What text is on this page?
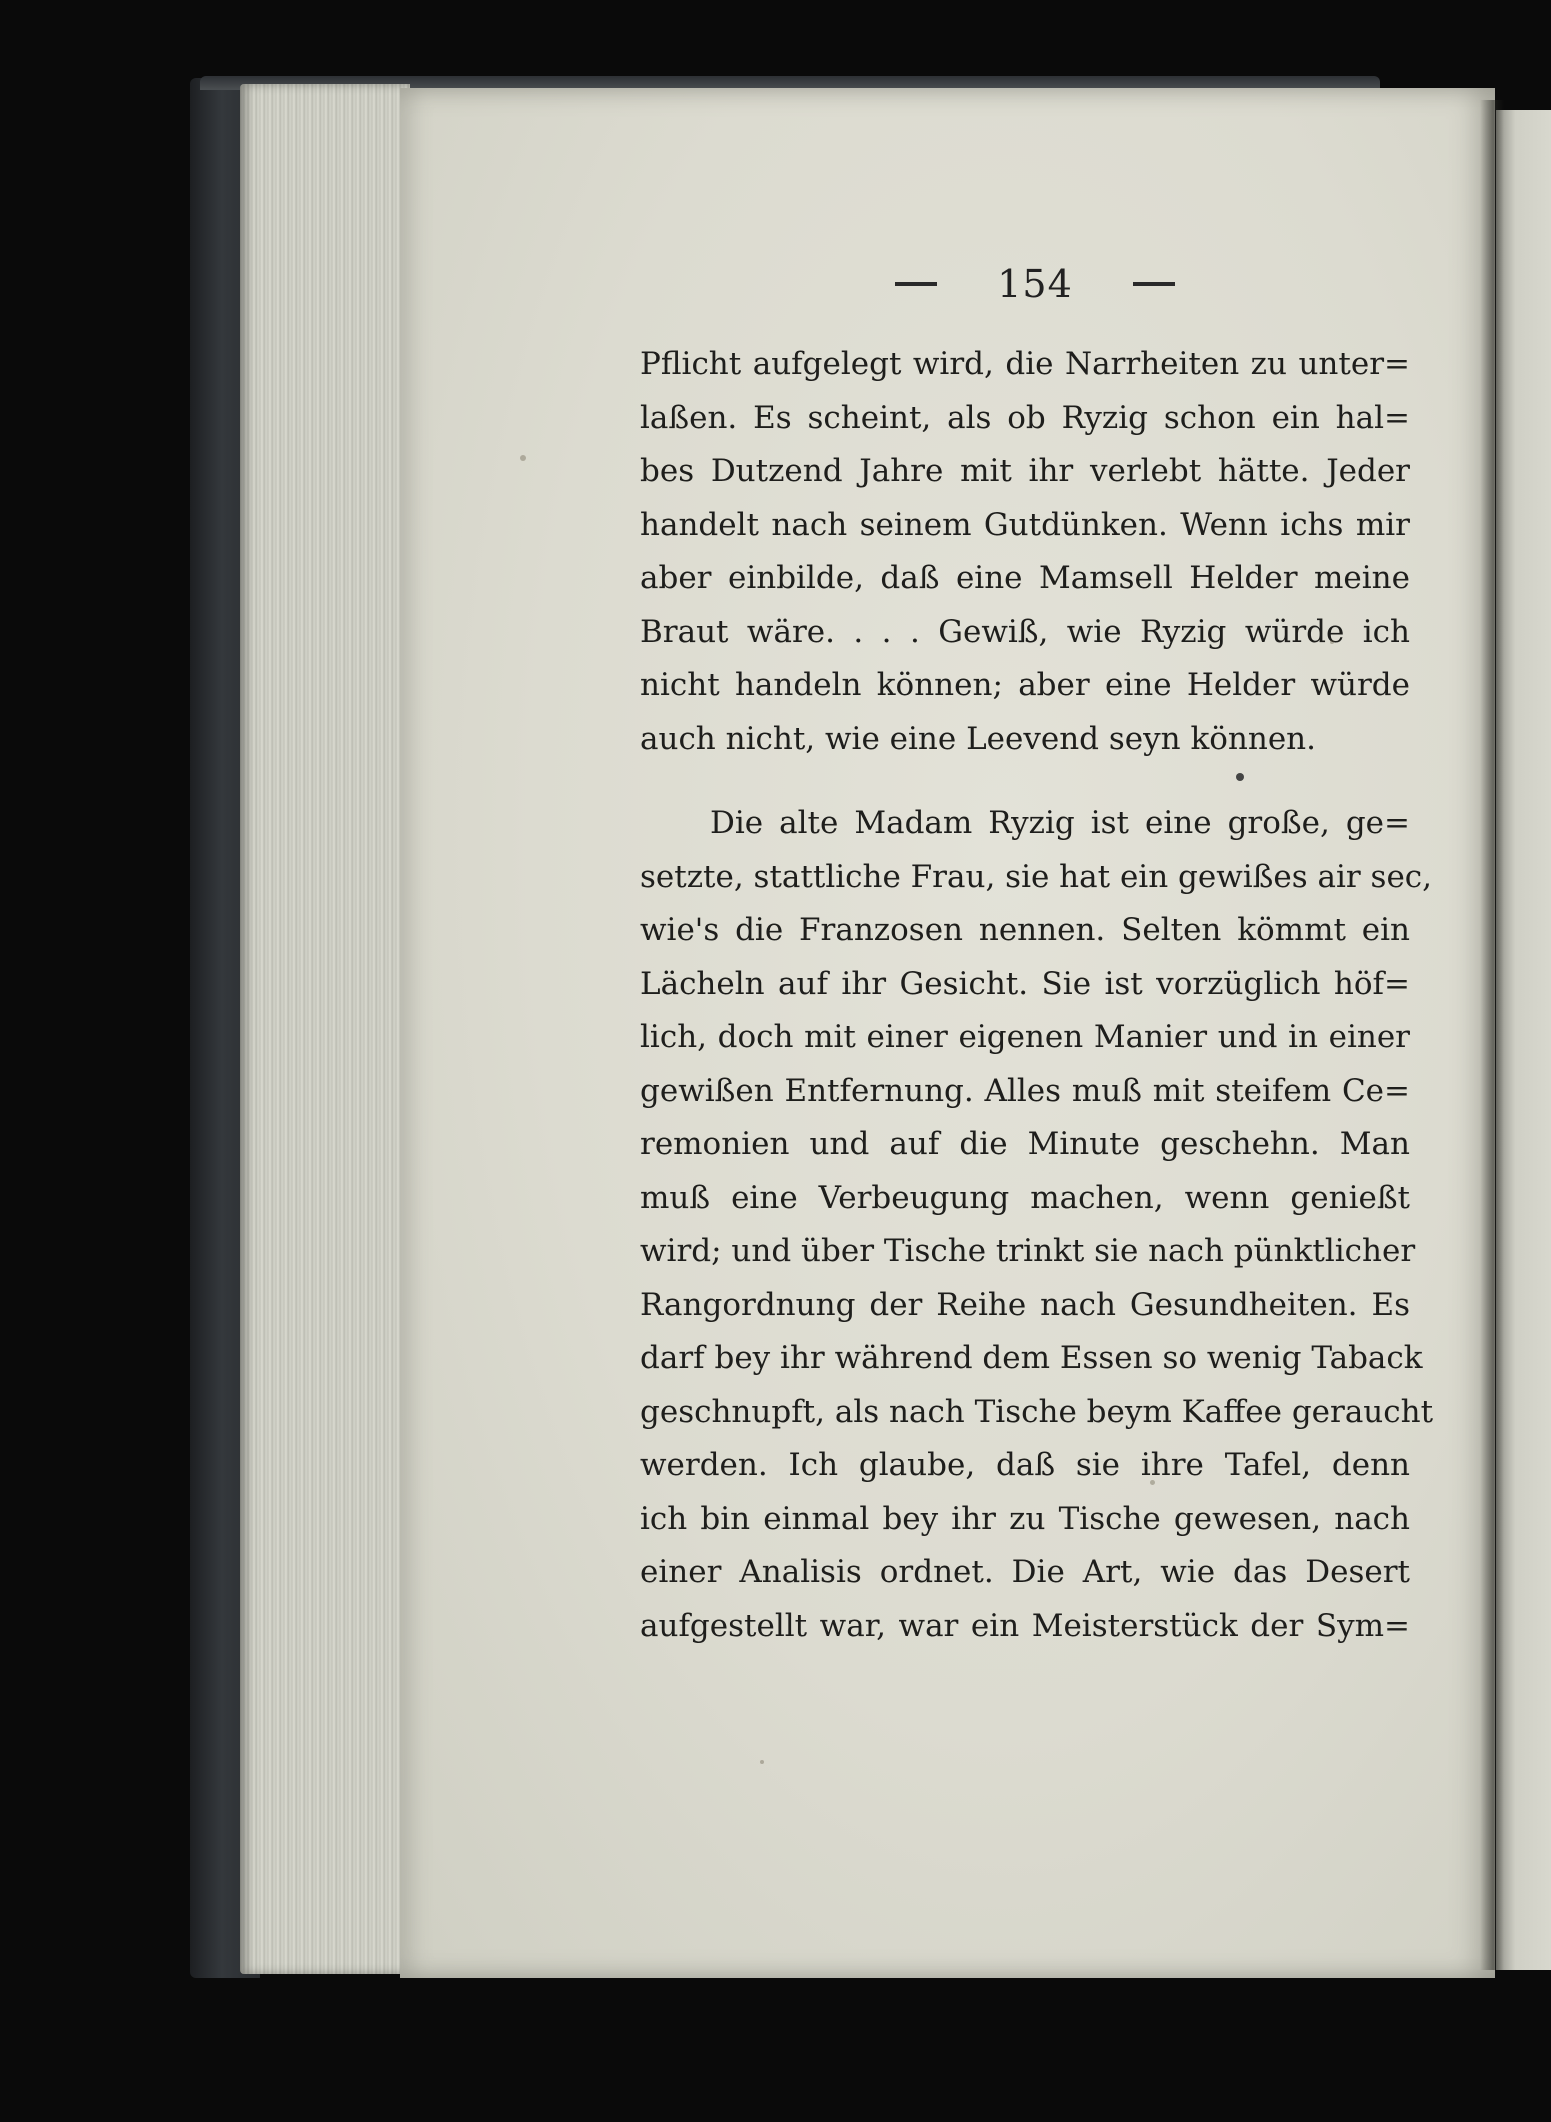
154
Pflicht aufgelegt wird, die Narrheiten zu unter=
laßen. Es scheint, als ob Ryzig schon ein hal=
bes Dutzend Jahre mit ihr verlebt hätte. Jeder
handelt nach seinem Gutdünken. Wenn ichs mir
aber einbilde, daß eine Mamsell Helder meine
Braut wäre. . . . Gewiß, wie Ryzig würde ich
nicht handeln können; aber eine Helder würde
auch nicht, wie eine Leevend seyn können.
Die alte Madam Ryzig ist eine große, ge=
setzte, stattliche Frau, sie hat ein gewißes air sec,
wie's die Franzosen nennen. Selten kömmt ein
Lächeln auf ihr Gesicht. Sie ist vorzüglich höf=
lich, doch mit einer eigenen Manier und in einer
gewißen Entfernung. Alles muß mit steifem Ce=
remonien und auf die Minute geschehn. Man
muß eine Verbeugung machen, wenn genießt
wird; und über Tische trinkt sie nach pünktlicher
Rangordnung der Reihe nach Gesundheiten. Es
darf bey ihr während dem Essen so wenig Taback
geschnupft, als nach Tische beym Kaffee geraucht
werden. Ich glaube, daß sie ihre Tafel, denn
ich bin einmal bey ihr zu Tische gewesen, nach
einer Analisis ordnet. Die Art, wie das Desert
aufgestellt war, war ein Meisterstück der Sym=
